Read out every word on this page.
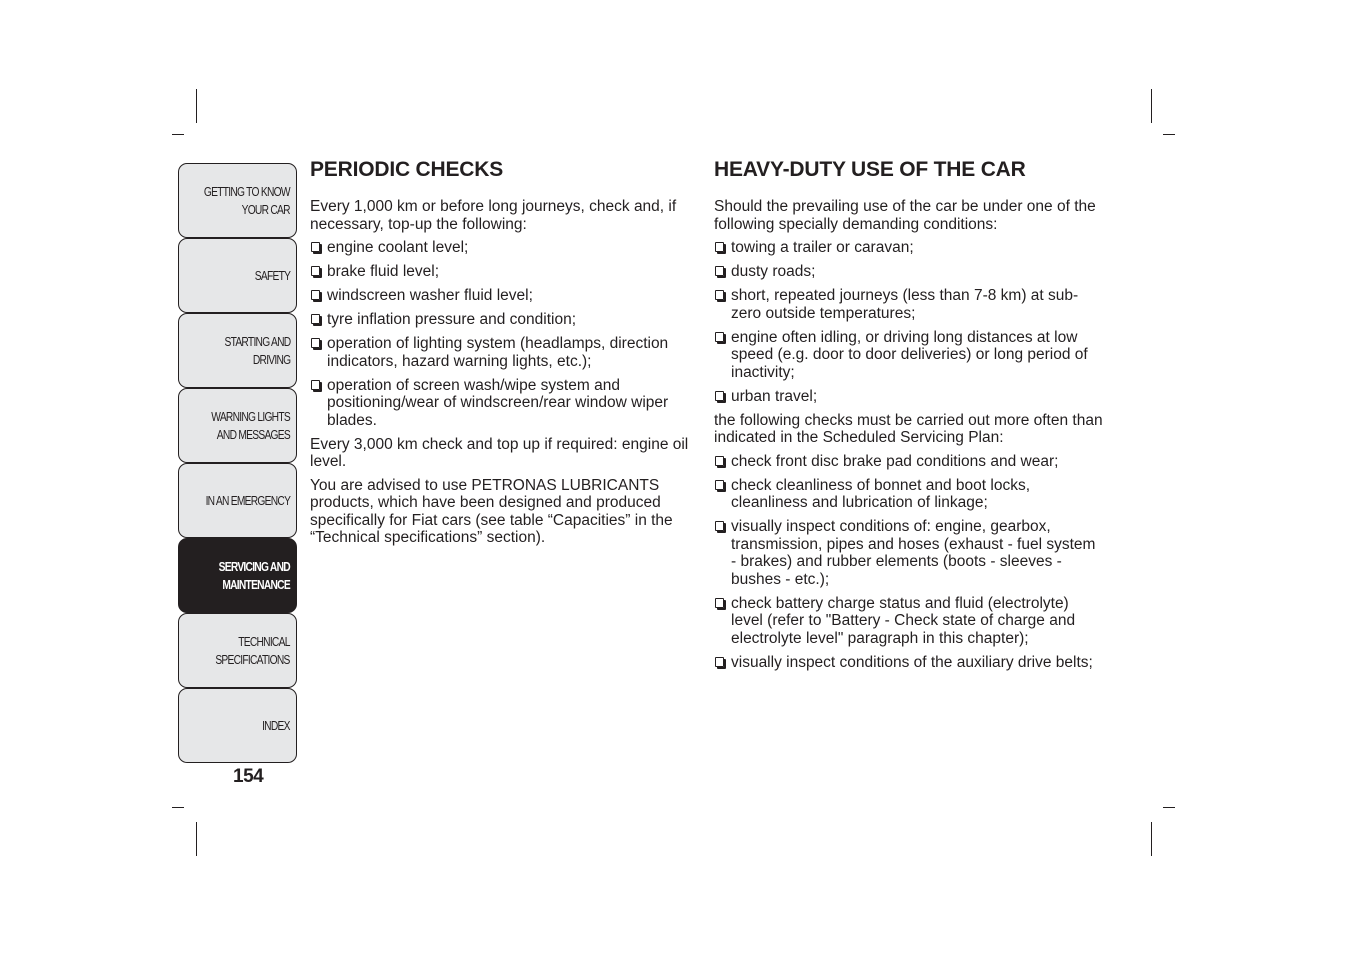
GETTING TO KNOW
YOUR CAR
SAFETY
STARTING AND
DRIVING
WARNING LIGHTS
AND MESSAGES
IN AN EMERGENCY
SERVICING AND
MAINTENANCE
TECHNICAL
SPECIFICATIONS
INDEX
154
PERIODIC CHECKS

Every 1,000 km or before long journeys, check and, if necessary, top-up the following:

engine coolant level;
brake fluid level;
windscreen washer fluid level;
tyre inflation pressure and condition;
operation of lighting system (headlamps, direction indicators, hazard warning lights, etc.);
operation of screen wash/wipe system and positioning/wear of windscreen/rear window wiper blades.

Every 3,000 km check and top up if required: engine oil level.

You are advised to use PETRONAS LUBRICANTS products, which have been designed and produced specifically for Fiat cars (see table “Capacities” in the “Technical specifications” section).

HEAVY-DUTY USE OF THE CAR

Should the prevailing use of the car be under one of the following specially demanding conditions:

towing a trailer or caravan;
dusty roads;
short, repeated journeys (less than 7-8 km) at sub-zero outside temperatures;
engine often idling, or driving long distances at low speed (e.g. door to door deliveries) or long period of inactivity;
urban travel;

the following checks must be carried out more often than indicated in the Scheduled Servicing Plan:

check front disc brake pad conditions and wear;
check cleanliness of bonnet and boot locks, cleanliness and lubrication of linkage;
visually inspect conditions of: engine, gearbox, transmission, pipes and hoses (exhaust - fuel system - brakes) and rubber elements (boots - sleeves - bushes - etc.);
check battery charge status and fluid (electrolyte) level (refer to "Battery - Check state of charge and electrolyte level" paragraph in this chapter);
visually inspect conditions of the auxiliary drive belts;
